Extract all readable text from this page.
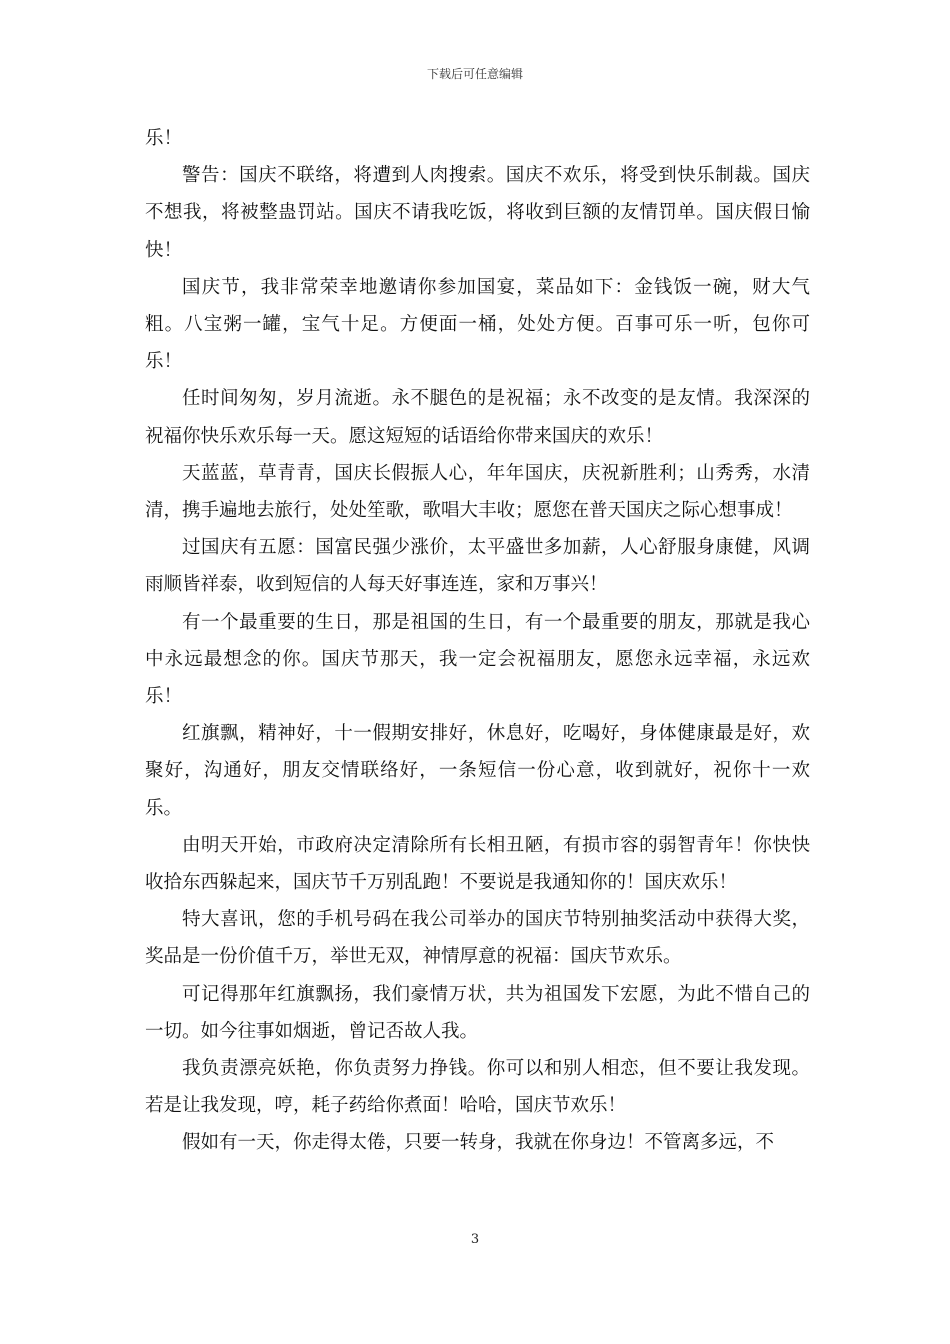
下载后可任意编辑

乐！

警告：国庆不联络，将遭到人肉搜索。国庆不欢乐，将受到快乐制裁。国庆不想我，将被整蛊罚站。国庆不请我吃饭，将收到巨额的友情罚单。国庆假日愉快！

国庆节，我非常荣幸地邀请你参加国宴，菜品如下：金钱饭一碗，财大气粗。八宝粥一罐，宝气十足。方便面一桶，处处方便。百事可乐一听，包你可乐！

任时间匆匆，岁月流逝。永不腿色的是祝福；永不改变的是友情。我深深的祝福你快乐欢乐每一天。愿这短短的话语给你带来国庆的欢乐！

天蓝蓝，草青青，国庆长假振人心，年年国庆，庆祝新胜利；山秀秀，水清清，携手遍地去旅行，处处笙歌，歌唱大丰收；愿您在普天国庆之际心想事成！

过国庆有五愿：国富民强少涨价，太平盛世多加薪，人心舒服身康健，风调雨顺皆祥泰，收到短信的人每天好事连连，家和万事兴！

有一个最重要的生日，那是祖国的生日，有一个最重要的朋友，那就是我心中永远最想念的你。国庆节那天，我一定会祝福朋友，愿您永远幸福，永远欢乐！

红旗飘，精神好，十一假期安排好，休息好，吃喝好，身体健康最是好，欢聚好，沟通好，朋友交情联络好，一条短信一份心意，收到就好，祝你十一欢乐。

由明天开始，市政府决定清除所有长相丑陋，有损市容的弱智青年！你快快收拾东西躲起来，国庆节千万别乱跑！不要说是我通知你的！国庆欢乐！

特大喜讯，您的手机号码在我公司举办的国庆节特别抽奖活动中获得大奖，奖品是一份价值千万，举世无双，神情厚意的祝福：国庆节欢乐。

可记得那年红旗飘扬，我们豪情万状，共为祖国发下宏愿，为此不惜自己的一切。如今往事如烟逝，曾记否故人我。

我负责漂亮妖艳，你负责努力挣钱。你可以和别人相恋，但不要让我发现。若是让我发现，哼，耗子药给你煮面！哈哈，国庆节欢乐！

假如有一天，你走得太倦，只要一转身，我就在你身边！不管离多远，不

3
